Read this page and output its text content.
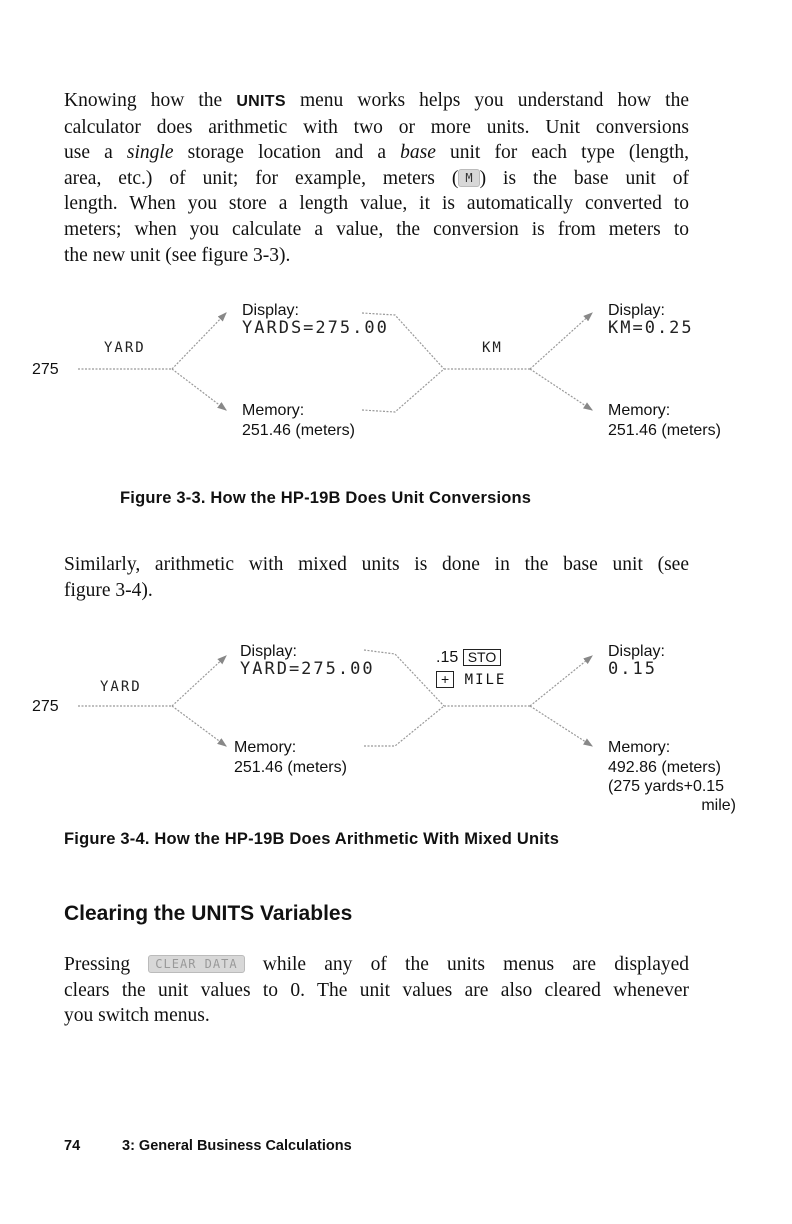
Knowing how the UNITS menu works helps you understand how the
calculator does arithmetic with two or more units. Unit conversions
use a single storage location and a base unit for each type (length,
area, etc.) of unit; for example, meters ( M ) is the base unit of
length. When you store a length value, it is automatically converted to
meters; when you calculate a value, the conversion is from meters to
the new unit (see figure 3-3).
275
YARD
Display:
YARDS=275.00
Memory:
251.46 (meters)
KM
Display:
KM=0.25
Memory:
251.46 (meters)
Figure 3-3. How the HP-19B Does Unit Conversions
Similarly, arithmetic with mixed units is done in the base unit (see
figure 3-4).
275
YARD
Display:
YARD=275.00
Memory:
251.46 (meters)
.15 STO
+ MILE
Display:
0.15
Memory:
492.86 (meters)
(275 yards+0.15
mile)
Figure 3-4. How the HP-19B Does Arithmetic With Mixed Units
Clearing the UNITS Variables
Pressing CLEAR DATA while any of the units menus are displayed
clears the unit values to 0. The unit values are also cleared whenever
you switch menus.
74	3: General Business Calculations
